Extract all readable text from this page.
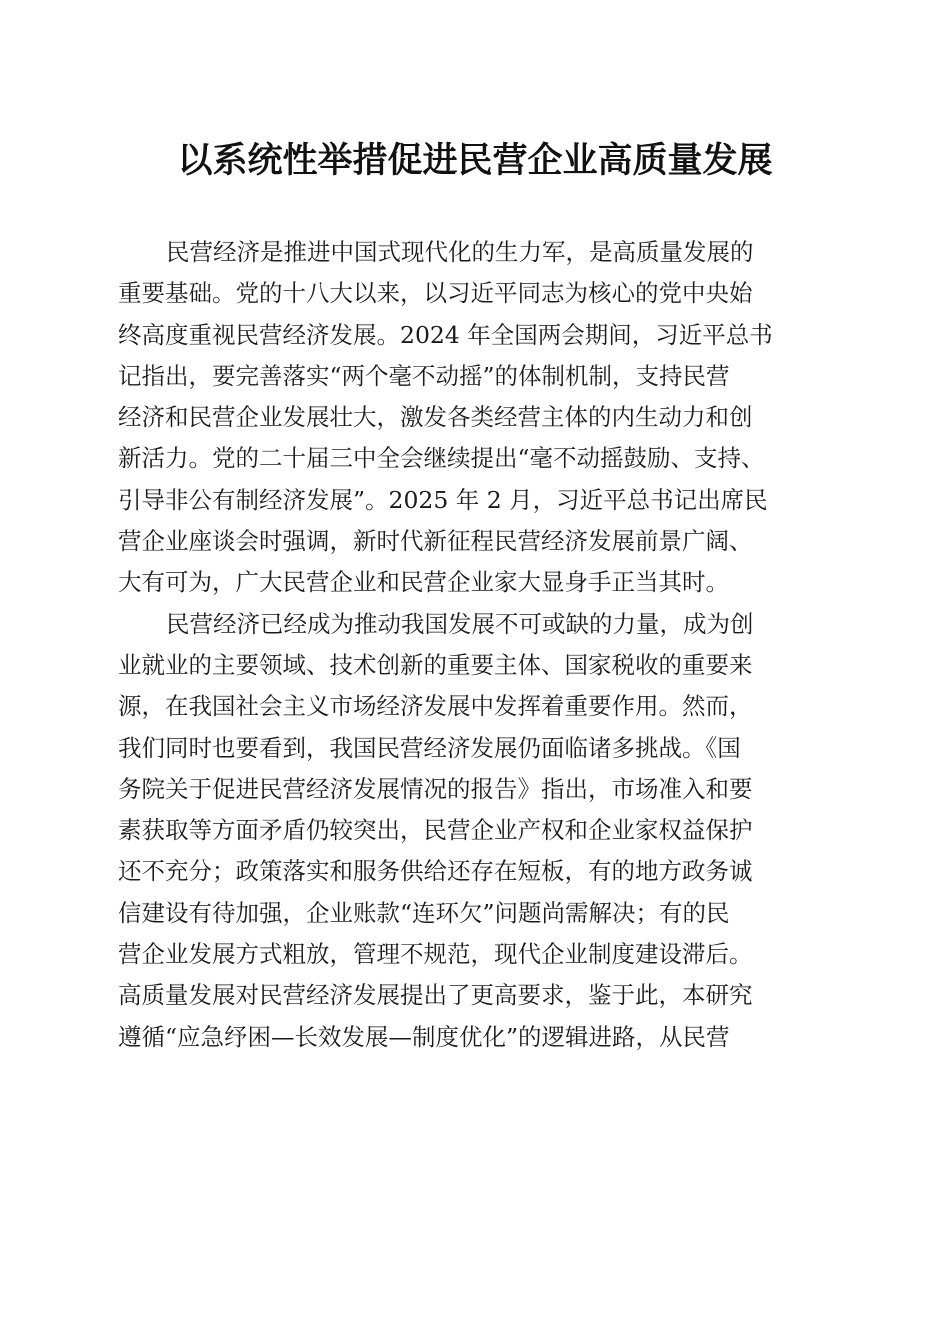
以系统性举措促进民营企业高质量发展
民营经济是推进中国式现代化的生力军，是高质量发展的
重要基础。党的十八大以来，以习近平同志为核心的党中央始
终高度重视民营经济发展。2024 年全国两会期间，习近平总书
记指出，要完善落实“两个毫不动摇”的体制机制，支持民营
经济和民营企业发展壮大，激发各类经营主体的内生动力和创
新活力。党的二十届三中全会继续提出“毫不动摇鼓励、支持、
引导非公有制经济发展”。2025 年 2 月，习近平总书记出席民
营企业座谈会时强调，新时代新征程民营经济发展前景广阔、
大有可为，广大民营企业和民营企业家大显身手正当其时。
民营经济已经成为推动我国发展不可或缺的力量，成为创
业就业的主要领域、技术创新的重要主体、国家税收的重要来
源，在我国社会主义市场经济发展中发挥着重要作用。然而，
我们同时也要看到，我国民营经济发展仍面临诸多挑战。《国
务院关于促进民营经济发展情况的报告》指出，市场准入和要
素获取等方面矛盾仍较突出，民营企业产权和企业家权益保护
还不充分；政策落实和服务供给还存在短板，有的地方政务诚
信建设有待加强，企业账款“连环欠”问题尚需解决；有的民
营企业发展方式粗放，管理不规范，现代企业制度建设滞后。
高质量发展对民营经济发展提出了更高要求，鉴于此，本研究
遵循“应急纾困—长效发展—制度优化”的逻辑进路，从民营
